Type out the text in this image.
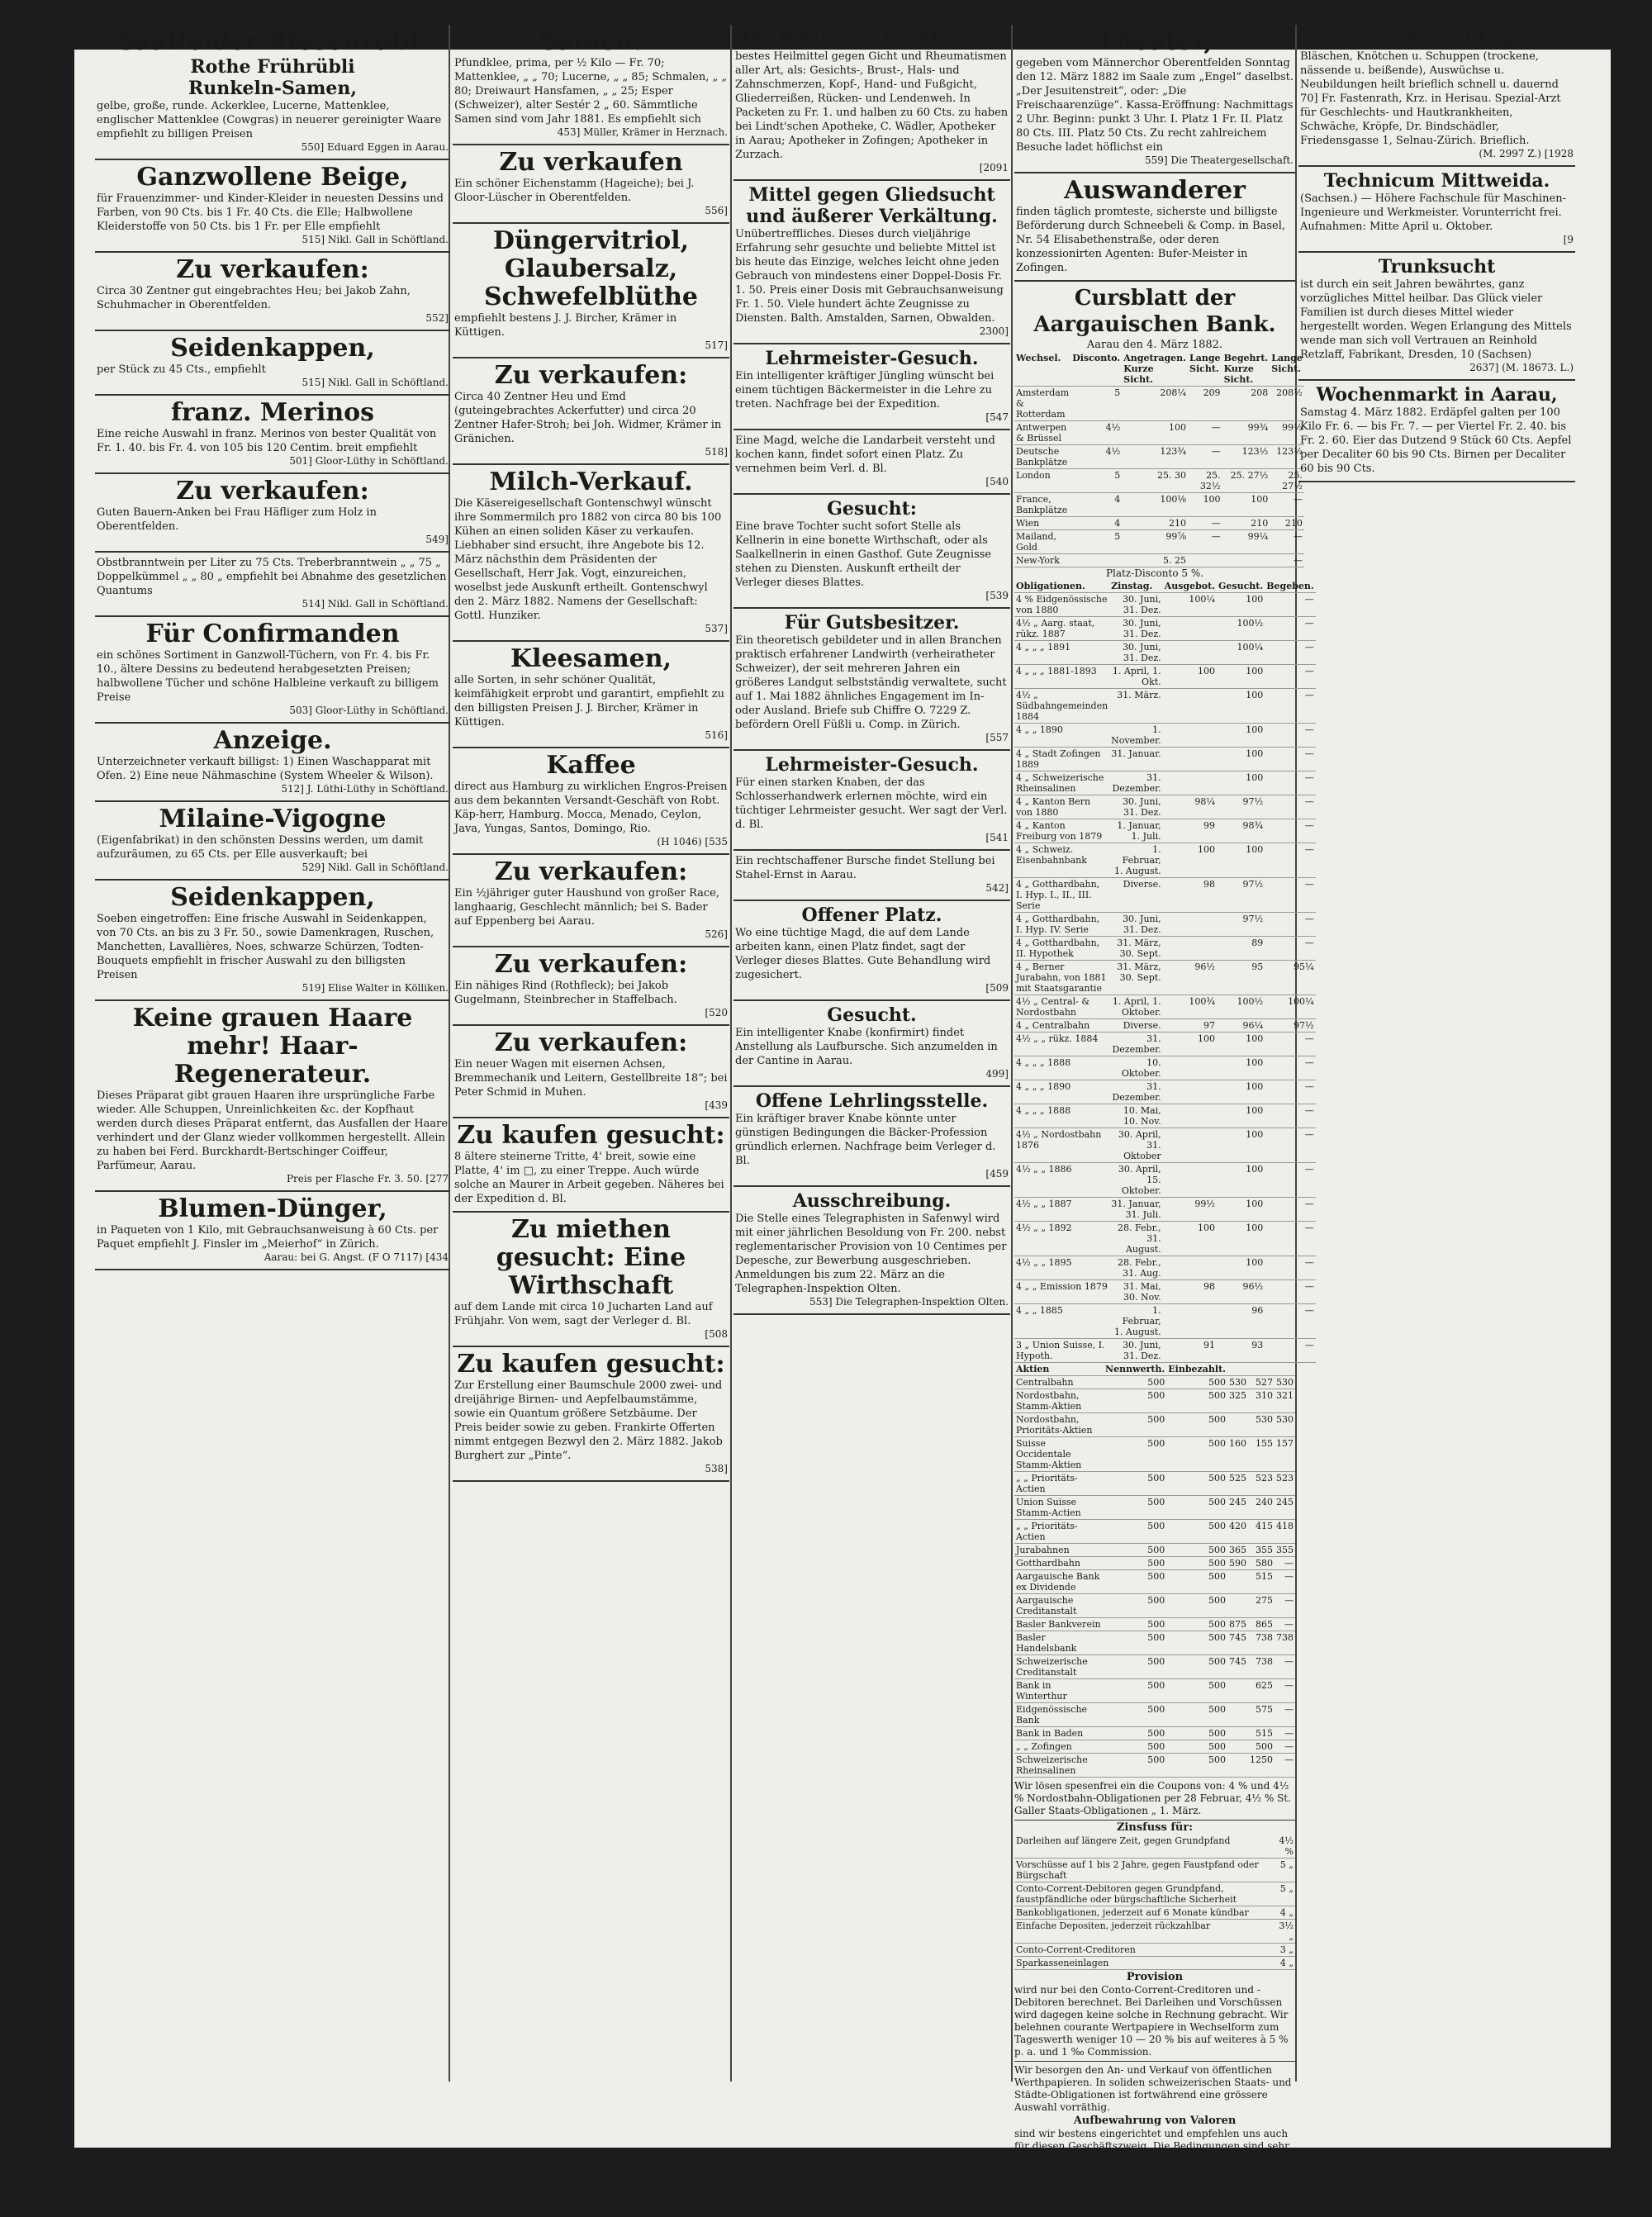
Saalfelder Riesenrübli
Rothe Frührübli
Runkeln-Samen,
gelbe, große, runde. Ackerklee, Lucerne, Mattenklee, englischer Mattenklee (Cowgras) in neuerer gereinigter Waare empfiehlt zu billigen Preisen
550] Eduard Eggen in Aarau.
Ganzwollene Beige,
für Frauenzimmer- und Kinder-Kleider in neuesten Dessins und Farben, von 90 Cts. bis 1 Fr. 40 Cts. die Elle; Halbwollene Kleiderstoffe von 50 Cts. bis 1 Fr. per Elle empfiehlt
515] Nikl. Gall in Schöftland.
Zu verkaufen:
Circa 30 Zentner gut eingebrachtes Heu; bei Jakob Zahn, Schuhmacher in Oberentfelden.
552]
Seidenkappen,
per Stück zu 45 Cts., empfiehlt
515] Nikl. Gall in Schöftland.
franz. Merinos
Eine reiche Auswahl in franz. Merinos von bester Qualität von Fr. 1. 40. bis Fr. 4. von 105 bis 120 Centim. breit empfiehlt
501] Gloor-Lüthy in Schöftland.
Zu verkaufen:
Guten Bauern-Anken bei Frau Häfliger zum Holz in Oberentfelden.
549]
Obstbranntwein per Liter zu 75 Cts. Treberbranntwein „ „ 75 „ Doppelkümmel „ „ 80 „ empfiehlt bei Abnahme des gesetzlichen Quantums
514] Nikl. Gall in Schöftland.
Für Confirmanden
ein schönes Sortiment in Ganzwoll-Tüchern, von Fr. 4. bis Fr. 10., ältere Dessins zu bedeutend herabgesetzten Preisen; halbwollene Tücher und schöne Halbleine verkauft zu billigem Preise
503] Gloor-Lüthy in Schöftland.
Anzeige.
Unterzeichneter verkauft billigst: 1) Einen Waschapparat mit Ofen. 2) Eine neue Nähmaschine (System Wheeler & Wilson).
512] J. Lüthi-Lüthy in Schöftland.
Milaine-Vigogne
(Eigenfabrikat) in den schönsten Dessins werden, um damit aufzuräumen, zu 65 Cts. per Elle ausverkauft; bei
529] Nikl. Gall in Schöftland.
Seidenkappen,
Soeben eingetroffen: Eine frische Auswahl in Seidenkappen, von 70 Cts. an bis zu 3 Fr. 50., sowie Damenkragen, Ruschen, Manchetten, Lavallières, Noes, schwarze Schürzen, Todten-Bouquets empfiehlt in frischer Auswahl zu den billigsten Preisen
519] Elise Walter in Kölliken.
Keine grauen Haare mehr! Haar-Regenerateur.
Dieses Präparat gibt grauen Haaren ihre ursprüngliche Farbe wieder. Alle Schuppen, Unreinlichkeiten &c. der Kopfhaut werden durch dieses Präparat entfernt, das Ausfallen der Haare verhindert und der Glanz wieder vollkommen hergestellt. Allein zu haben bei Ferd. Burckhardt-Bertschinger Coiffeur, Parfümeur, Aarau.
Preis per Flasche Fr. 3. 50. [277
Blumen-Dünger,
in Paqueten von 1 Kilo, mit Gebrauchsanweisung à 60 Cts. per Paquet empfiehlt J. Finsler im „Meierhof“ in Zürich.
Aarau: bei G. Angst. (F O 7117) [434
Samen.
Pfundklee, prima, per ½ Kilo — Fr. 70; Mattenklee, „ „ 70; Lucerne, „ „ 85; Schmalen, „ „ 80; Dreiwaurt Hansfamen, „ „ 25; Esper (Schweizer), alter Sestér 2 „ 60. Sämmtliche Samen sind vom Jahr 1881. Es empfiehlt sich
453] Müller, Krämer in Herznach.
Zu verkaufen
Ein schöner Eichenstamm (Hageiche); bei J. Gloor-Lüscher in Oberentfelden.
556]
Düngervitriol, Glaubersalz, Schwefelblüthe
empfiehlt bestens J. J. Bircher, Krämer in Küttigen.
517]
Zu verkaufen:
Circa 40 Zentner Heu und Emd (guteingebrachtes Ackerfutter) und circa 20 Zentner Hafer-Stroh; bei Joh. Widmer, Krämer in Gränichen.
518]
Milch-Verkauf.
Die Käsereigesellschaft Gontenschwyl wünscht ihre Sommermilch pro 1882 von circa 80 bis 100 Kühen an einen soliden Käser zu verkaufen. Liebhaber sind ersucht, ihre Angebote bis 12. März nächsthin dem Präsidenten der Gesellschaft, Herr Jak. Vogt, einzureichen, woselbst jede Auskunft ertheilt. Gontenschwyl den 2. März 1882. Namens der Gesellschaft: Gottl. Hunziker.
537]
Kleesamen,
alle Sorten, in sehr schöner Qualität, keimfähigkeit erprobt und garantirt, empfiehlt zu den billigsten Preisen J. J. Bircher, Krämer in Küttigen.
516]
Kaffee
direct aus Hamburg zu wirklichen Engros-Preisen aus dem bekannten Versandt-Geschäft von Robt. Käp-herr, Hamburg. Mocca, Menado, Ceylon, Java, Yungas, Santos, Domingo, Rio.
(H 1046) [535
Zu verkaufen:
Ein ½jähriger guter Haushund von großer Race, langhaarig, Geschlecht männlich; bei S. Bader auf Eppenberg bei Aarau.
526]
Zu verkaufen:
Ein nähiges Rind (Rothfleck); bei Jakob Gugelmann, Steinbrecher in Staffelbach.
[520
Zu verkaufen:
Ein neuer Wagen mit eisernen Achsen, Bremmechanik und Leitern, Gestellbreite 18“; bei Peter Schmid in Muhen.
[439
Zu kaufen gesucht:
8 ältere steinerne Tritte, 4' breit, sowie eine Platte, 4' im □, zu einer Treppe. Auch würde solche an Maurer in Arbeit gegeben. Näheres bei der Expedition d. Bl.
Zu miethen gesucht: Eine Wirthschaft
auf dem Lande mit circa 10 Jucharten Land auf Frühjahr. Von wem, sagt der Verleger d. Bl.
[508
Zu kaufen gesucht:
Zur Erstellung einer Baumschule 2000 zwei- und dreijährige Birnen- und Aepfelbaumstämme, sowie ein Quantum größere Setzbäume. Der Preis beider sowie zu geben. Frankirte Offerten nimmt entgegen Bezwyl den 2. März 1882. Jakob Burghert zur „Pinte“.
538]
Dr. Pattison's Gichtwatte,
bestes Heilmittel gegen Gicht und Rheumatismen aller Art, als: Gesichts-, Brust-, Hals- und Zahnschmerzen, Kopf-, Hand- und Fußgicht, Gliederreißen, Rücken- und Lendenweh. In Packeten zu Fr. 1. und halben zu 60 Cts. zu haben bei Lindt'schen Apotheke, C. Wädler, Apotheker in Aarau; Apotheker in Zofingen; Apotheker in Zurzach.
[2091
Mittel gegen Gliedsucht und äußerer Verkältung.
Unübertreffliches. Dieses durch vieljährige Erfahrung sehr gesuchte und beliebte Mittel ist bis heute das Einzige, welches leicht ohne jeden Gebrauch von mindestens einer Doppel-Dosis Fr. 1. 50. Preis einer Dosis mit Gebrauchsanweisung Fr. 1. 50. Viele hundert ächte Zeugnisse zu Diensten. Balth. Amstalden, Sarnen, Obwalden.
2300]
Lehrmeister-Gesuch.
Ein intelligenter kräftiger Jüngling wünscht bei einem tüchtigen Bäckermeister in die Lehre zu treten. Nachfrage bei der Expedition.
[547
Eine Magd, welche die Landarbeit versteht und kochen kann, findet sofort einen Platz. Zu vernehmen beim Verl. d. Bl.
[540
Gesucht:
Eine brave Tochter sucht sofort Stelle als Kellnerin in eine bonette Wirthschaft, oder als Saalkellnerin in einen Gasthof. Gute Zeugnisse stehen zu Diensten. Auskunft ertheilt der Verleger dieses Blattes.
[539
Für Gutsbesitzer.
Ein theoretisch gebildeter und in allen Branchen praktisch erfahrener Landwirth (verheiratheter Schweizer), der seit mehreren Jahren ein größeres Landgut selbstständig verwaltete, sucht auf 1. Mai 1882 ähnliches Engagement im In- oder Ausland. Briefe sub Chiffre O. 7229 Z. befördern Orell Füßli u. Comp. in Zürich.
[557
Lehrmeister-Gesuch.
Für einen starken Knaben, der das Schlosserhandwerk erlernen möchte, wird ein tüchtiger Lehrmeister gesucht. Wer sagt der Verl. d. Bl.
[541
Ein rechtschaffener Bursche findet Stellung bei Stahel-Ernst in Aarau.
542]
Offener Platz.
Wo eine tüchtige Magd, die auf dem Lande arbeiten kann, einen Platz findet, sagt der Verleger dieses Blattes. Gute Behandlung wird zugesichert.
[509
Gesucht.
Ein intelligenter Knabe (konfirmirt) findet Anstellung als Laufbursche. Sich anzumelden in der Cantine in Aarau.
499]
Offene Lehrlingsstelle.
Ein kräftiger braver Knabe könnte unter günstigen Bedingungen die Bäcker-Profession gründlich erlernen. Nachfrage beim Verleger d. Bl.
[459
Ausschreibung.
Die Stelle eines Telegraphisten in Safenwyl wird mit einer jährlichen Besoldung von Fr. 200. nebst reglementarischer Provision von 10 Centimes per Depesche, zur Bewerbung ausgeschrieben. Anmeldungen bis zum 22. März an die Telegraphen-Inspektion Olten.
553] Die Telegraphen-Inspektion Olten.
Theater,
gegeben vom Männerchor Oberentfelden Sonntag den 12. März 1882 im Saale zum „Engel“ daselbst. „Der Jesuitenstreit“, oder: „Die Freischaarenzüge“. Kassa-Eröffnung: Nachmittags 2 Uhr. Beginn: punkt 3 Uhr. I. Platz 1 Fr. II. Platz 80 Cts. III. Platz 50 Cts. Zu recht zahlreichem Besuche ladet höflichst ein
559] Die Theatergesellschaft.
Auswanderer
finden täglich promteste, sicherste und billigste Beförderung durch Schneebeli & Comp. in Basel, Nr. 54 Elisabethenstraße, oder deren konzessionirten Agenten: Bufer-Meister in Zofingen.
Cursblatt der Aargauischen Bank.
Aarau den 4. März 1882.
Wechsel.	Disconto.	Angetragen. Kurze Sicht.	Lange Sicht.	Begehrt. Kurze Sicht.	Lange Sicht.
Amsterdam & Rotterdam	5	208¼	209	208	208½
Antwerpen & Brüssel	4½	100	—	99¾	99½
Deutsche Bankplätze	4½	123¾	—	123½	123½
London	5	25. 30	25. 32½	25. 27½	25. 27½
France, Bankplätze	4	100⅛	100	100	—
Wien	4	210	—	210	210
Mailand, Gold	5	99⅞	—	99¼	—
New-York		5. 25			—
Platz-Disconto 5 %.
Obligationen.	Zinstag.	Ausgebot.	Gesucht.	Begeben.
4 % Eidgenössische von 1880	30. Juni, 31. Dez.	100¼	100	—
4½ „ Aarg. staat, rükz. 1887	30. Juni, 31. Dez.		100½	—
4 „ „ „ 1891	30. Juni, 31. Dez.		100¼	—
4 „ „ „ 1881-1893	1. April, 1. Okt.	100	100	—
4½ „ Südbahngemeinden 1884	31. März.		100	—
4 „ „ 1890	1. November.		100	—
4 „ Stadt Zofingen 1889	31. Januar.		100	—
4 „ Schweizerische Rheinsalinen	31. Dezember.		100	—
4 „ Kanton Bern von 1880	30. Juni, 31. Dez.	98¼	97½	—
4 „ Kanton Freiburg von 1879	1. Januar, 1. Juli.	99	98¾	—
4 „ Schweiz. Eisenbahnbank	1. Februar, 1. August.	100	100	—
4 „ Gotthardbahn, I. Hyp. I., II., III. Serie	Diverse.	98	97½	—
4 „ Gotthardbahn, I. Hyp. IV. Serie	30. Juni, 31. Dez.		97½	—
4 „ Gotthardbahn, II. Hypothek	31. März, 30. Sept.		89	—
4 „ Berner Jurabahn, von 1881 mit Staatsgarantie	31. März, 30. Sept.	96½	95	95¼
4½ „ Central- & Nordostbahn	1. April, 1. Oktober.	100¾	100½	100¼
4 „ Centralbahn	Diverse.	97	96¼	97½
4½ „ „ rükz. 1884	31. Dezember.	100	100	—
4 „ „ „ 1888	10. Oktober.		100	—
4 „ „ „ 1890	31. Dezember.		100	—
4 „ „ „ 1888	10. Mai, 10. Nov.		100	—
4½ „ Nordostbahn 1876	30. April, 31. Oktober		100	—
4½ „ „ 1886	30. April, 15. Oktober.		100	—
4½ „ „ 1887	31. Januar, 31. Juli.	99½	100	—
4½ „ „ 1892	28. Febr., 31. August.	100	100	—
4½ „ „ 1895	28. Febr., 31. Aug.		100	—
4 „ „ Emission 1879	31. Mai, 30. Nov.	98	96½	—
4 „ „ 1885	1. Februar, 1. August.		96	—
3 „ Union Suisse, I. Hypoth.	30. Juni, 31. Dez.	91	93	—
Aktien	Nennwerth.	Einbezahlt.			
Centralbahn	500	500	530	527	530
Nordostbahn, Stamm-Aktien	500	500	325	310	321
Nordostbahn, Prioritäts-Aktien	500	500		530	530
Suisse Occidentale Stamm-Aktien	500	500	160	155	157
„ „ Prioritäts-Actien	500	500	525	523	523
Union Suisse Stamm-Actien	500	500	245	240	245
„ „ Prioritäts-Actien	500	500	420	415	418
Jurabahnen	500	500	365	355	355
Gotthardbahn	500	500	590	580	—
Aargauische Bank ex Dividende	500	500		515	—
Aargauische Creditanstalt	500	500		275	—
Basler Bankverein	500	500	875	865	—
Basler Handelsbank	500	500	745	738	738
Schweizerische Creditanstalt	500	500	745	738	—
Bank in Winterthur	500	500		625	—
Eidgenössische Bank	500	500		575	—
Bank in Baden	500	500		515	—
„ „ Zofingen	500	500		500	—
Schweizerische Rheinsalinen	500	500		1250	—
Wir lösen spesenfrei ein die Coupons von: 4 % und 4½ % Nordostbahn-Obligationen per 28 Februar, 4½ % St. Galler Staats-Obligationen „ 1. März.
Zinsfuss für:
Darleihen auf längere Zeit, gegen Grundpfand	4½ %
Vorschüsse auf 1 bis 2 Jahre, gegen Faustpfand oder Bürgschaft	5 „
Conto-Corrent-Debitoren gegen Grundpfand, faustpfändliche oder bürgschaftliche Sicherheit	5 „
Bankobligationen, jederzeit auf 6 Monate kündbar	4 „
Einfache Depositen, jederzeit rückzahlbar	3½ „
Conto-Corrent-Creditoren	3 „
Sparkasseneinlagen	4 „
Provision
wird nur bei den Conto-Corrent-Creditoren und -Debitoren berechnet. Bei Darleihen und Vorschüssen wird dagegen keine solche in Rechnung gebracht. Wir belehnen courante Wertpapiere in Wechselform zum Tageswerth weniger 10 — 20 % bis auf weiteres à 5 % p. a. und 1 ‰ Commission.
Wir besorgen den An- und Verkauf von öffentlichen Werthpapieren. In soliden schweizerischen Staats- und Städte-Obligationen ist fortwährend eine grössere Auswahl vorräthig.
Aufbewahrung von Valoren
sind wir bestens eingerichtet und empfehlen uns auch für diesen Geschäftszweig. Die Bedingungen sind sehr billig und es kann das bezügliche Reglement bei uns bezogen werden. Wir sind jederzeit Abgeber von Wechseln auf New-York und New-Orleans und besorgen Auszahlungen im ganzen Gebiete der Vereinigten Staaten gegen Original-Quittungen des Empfängers.
Säurenanschläge,
Bläschen, Knötchen u. Schuppen (trockene, nässende u. beißende), Auswüchse u. Neubildungen heilt brieflich schnell u. dauernd 70] Fr. Fastenrath, Krz. in Herisau. Spezial-Arzt für Geschlechts- und Hautkrankheiten, Schwäche, Kröpfe, Dr. Bindschädler, Friedensgasse 1, Selnau-Zürich. Brieflich.
(M. 2997 Z.) [1928
Technicum Mittweida.
(Sachsen.) — Höhere Fachschule für Maschinen-Ingenieure und Werkmeister. Vorunterricht frei. Aufnahmen: Mitte April u. Oktober.
[9
Trunksucht
ist durch ein seit Jahren bewährtes, ganz vorzügliches Mittel heilbar. Das Glück vieler Familien ist durch dieses Mittel wieder hergestellt worden. Wegen Erlangung des Mittels wende man sich voll Vertrauen an Reinhold Retzlaff, Fabrikant, Dresden, 10 (Sachsen)
2637] (M. 18673. L.)
Wochenmarkt in Aarau,
Samstag 4. März 1882. Erdäpfel galten per 100 Kilo Fr. 6. — bis Fr. 7. — per Viertel Fr. 2. 40. bis Fr. 2. 60. Eier das Dutzend 9 Stück 60 Cts. Aepfel per Decaliter 60 bis 90 Cts. Birnen per Decaliter 60 bis 90 Cts.
